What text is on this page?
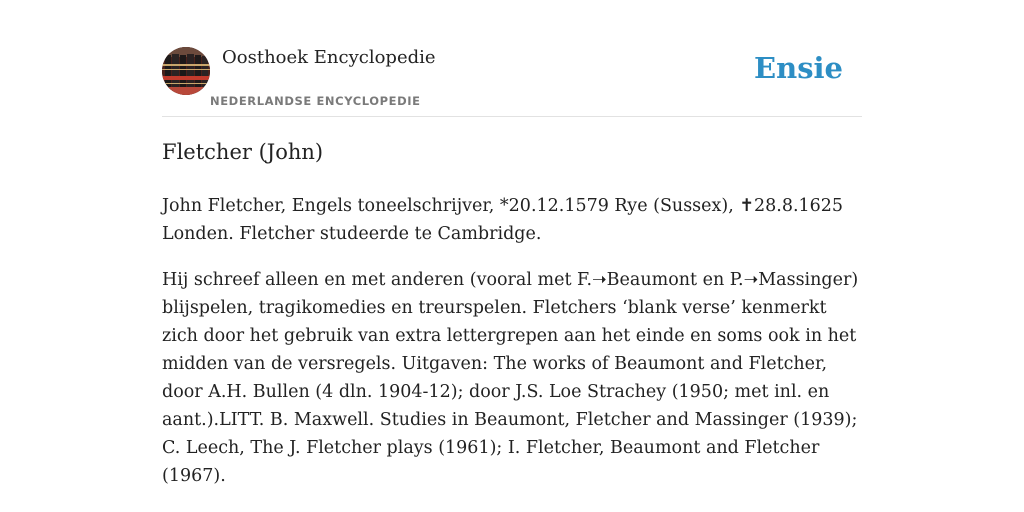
Oosthoek Encyclopedie
NEDERLANDSE ENCYCLOPEDIE
Ensie
Fletcher (John)

John Fletcher, Engels toneelschrijver, *20.12.1579 Rye (Sussex), ✝28.8.1625 Londen. Fletcher studeerde te Cambridge.

Hij schreef alleen en met anderen (vooral met F.➝Beaumont en P.➝Massinger) blijspelen, tragikomedies en treurspelen. Fletchers ‘blank verse’ kenmerkt zich door het gebruik van extra lettergrepen aan het einde en soms ook in het midden van de versregels. Uitgaven: The works of Beaumont and Fletcher, door A.H. Bullen (4 dln. 1904-12); door J.S. Loe Strachey (1950; met inl. en aant.).LITT. B. Maxwell. Studies in Beaumont, Fletcher and Massinger (1939); C. Leech, The J. Fletcher plays (1961); I. Fletcher, Beaumont and Fletcher (1967).
